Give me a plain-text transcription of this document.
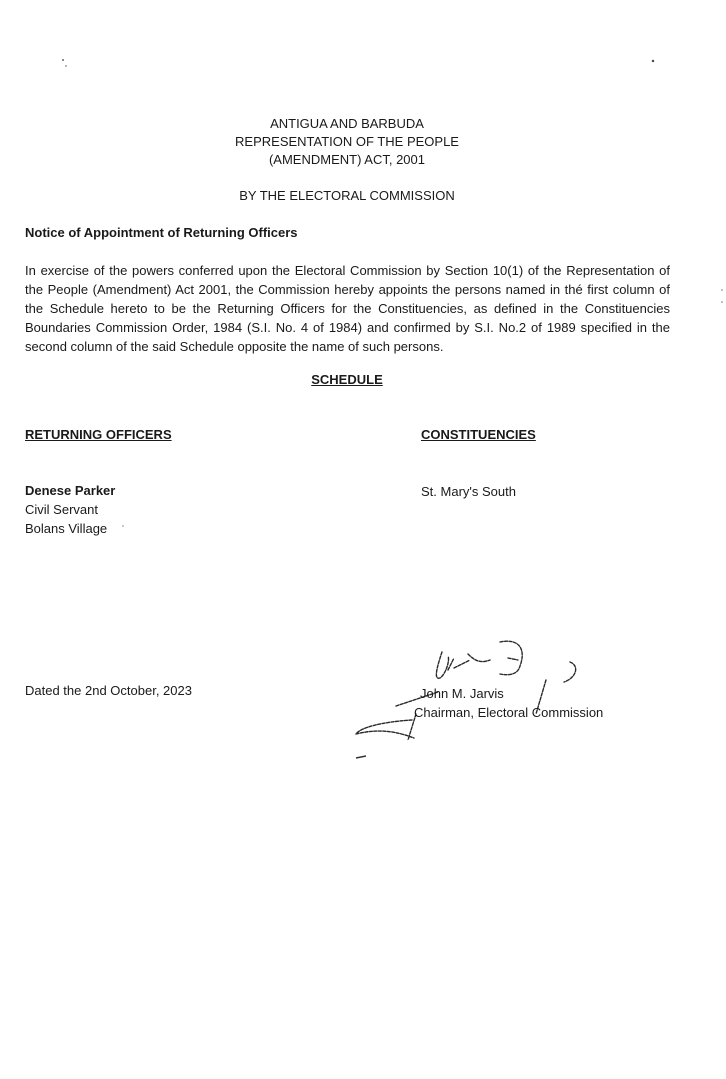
ANTIGUA AND BARBUDA
REPRESENTATION OF THE PEOPLE
(AMENDMENT) ACT, 2001
BY THE ELECTORAL COMMISSION
Notice of Appointment of Returning Officers
In exercise of the powers conferred upon the Electoral Commission by Section 10(1) of the Representation of the People (Amendment) Act 2001, the Commission hereby appoints the persons named in thé first column of the Schedule hereto to be the Returning Officers for the Constituencies, as defined in the Constituencies Boundaries Commission Order, 1984 (S.I. No. 4 of 1984) and confirmed by S.I. No.2 of 1989 specified in the second column of the said Schedule opposite the name of such persons.
SCHEDULE
RETURNING OFFICERS	CONSTITUENCIES
Denese Parker
Civil Servant
Bolans Village
St. Mary's South
Dated the 2nd October, 2023	John M. Jarvis
Chairman, Electoral Commission
